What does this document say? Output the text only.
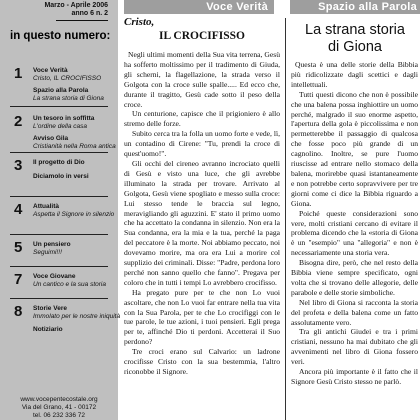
Marzo - Aprile 2006
anno 6 n. 2
in questo numero:
1 Voce Verità
Cristo, IL CROCIFISSO
Spazio alla Parola
La strana storia di Giona
2 Un tesoro in soffitta
L'ordine della casa
Avviso Gila
Cristianità nella Roma antica
3 Il progetto di Dio
Diciamolo in versi
4 Attualità
Aspetta il Signore in silenzio
5 Un pensiero
Seguimi!!!
7 Voce Giovane
Un cantico e la sua storia
8 Storie Vere
Immolato per le nostre iniquità
Notiziario
www.vocepentecostale.org
Via del Grano, 41 - 00172
tel. 06 232 336 72
Voce Verità	Spazio alla Parola
Cristo,
IL CROCIFISSO

Negli ultimi momenti della Sua vita terrena, Gesù ha sofferto moltissimo per il tradimento di Giuda, gli scherni, la flagellazione, la strada verso il Golgota con la croce sulle spalle..... Ed ecco che, durante il tragitto, Gesù cade sotto il peso della croce.

Un centurione, capisce che il prigioniero è allo stremo delle forze.

Subito cerca tra la folla un uomo forte e vede, lì, un contadino di Cirene: "Tu, prendi la croce di quest'uomo!".

Gli occhi del cireneo avranno incrociato quelli di Gesù e visto una luce, che gli avrebbe illuminato la strada per trovare. Arrivato al Golgota, Gesù viene spogliato e messo sulla croce: Lui stesso tende le braccia sul legno, meravigliando gli aguzzini. E' stato il primo uomo che ha accettato la condanna in silenzio. Non era la Sua condanna, era la mia e la tua, perché la paga del peccatore è la morte. Noi abbiamo peccato, noi dovevamo morire, ma ora era Lui a morire col supplizio dei criminali. Disse: "Padre, perdona loro perché non sanno quello che fanno". Pregava per coloro che in tutti i tempi Lo avrebbero crocifisso.

Ha pregato pure per te che non Lo vuoi ascoltare, che non Lo vuoi far entrare nella tua vita con la Sua Parola, per te che Lo crocifiggi con le tue parole, le tue azioni, i tuoi pensieri. Egli prega per te, affinché Dio ti perdoni. Accetterai il Suo perdono?

Tre croci erano sul Calvario: un ladrone crocifisse Cristo con la sua bestemmia, l'altro riconobbe il Signore.

La strana storia
di Giona

Questa è una delle storie della Bibbia più ridicolizzate dagli scettici e dagli intellettuali.

Tutti questi dicono che non è possibile che una balena possa inghiottire un uomo perché, malgrado il suo enorme aspetto, l'apertura della gola è piccolissima e non permetterebbe il passaggio di qualcosa che fosse poco più grande di un cagnolino. Inoltre, se pure l'uomo riuscisse ad entrare nello stomaco della balena, morirebbe quasi istantaneamente e non potrebbe certo sopravvivere per tre giorni come ci dice la Bibbia riguardo a Giona.

Poiché queste considerazioni sono vere, molti cristiani cercano di evitare il problema dicendo che la «storia di Giona è un "esempio" una "allegoria" e non è necessariamente una storia vera.

Bisogna dire, però, che nel resto della Bibbia viene sempre specificato, ogni volta che si trovano delle allegorie, delle parabole e delle storie simboliche.

Nel libro di Giona si racconta la storia del profeta e della balena come un fatto assolutamente vero.

Tra gli antichi Giudei e tra i primi cristiani, nessuno ha mai dubitato che gli avvenimenti nel libro di Giona fossero veri.

Ancora più importante è il fatto che il Signore Gesù Cristo stesso ne parlò.
